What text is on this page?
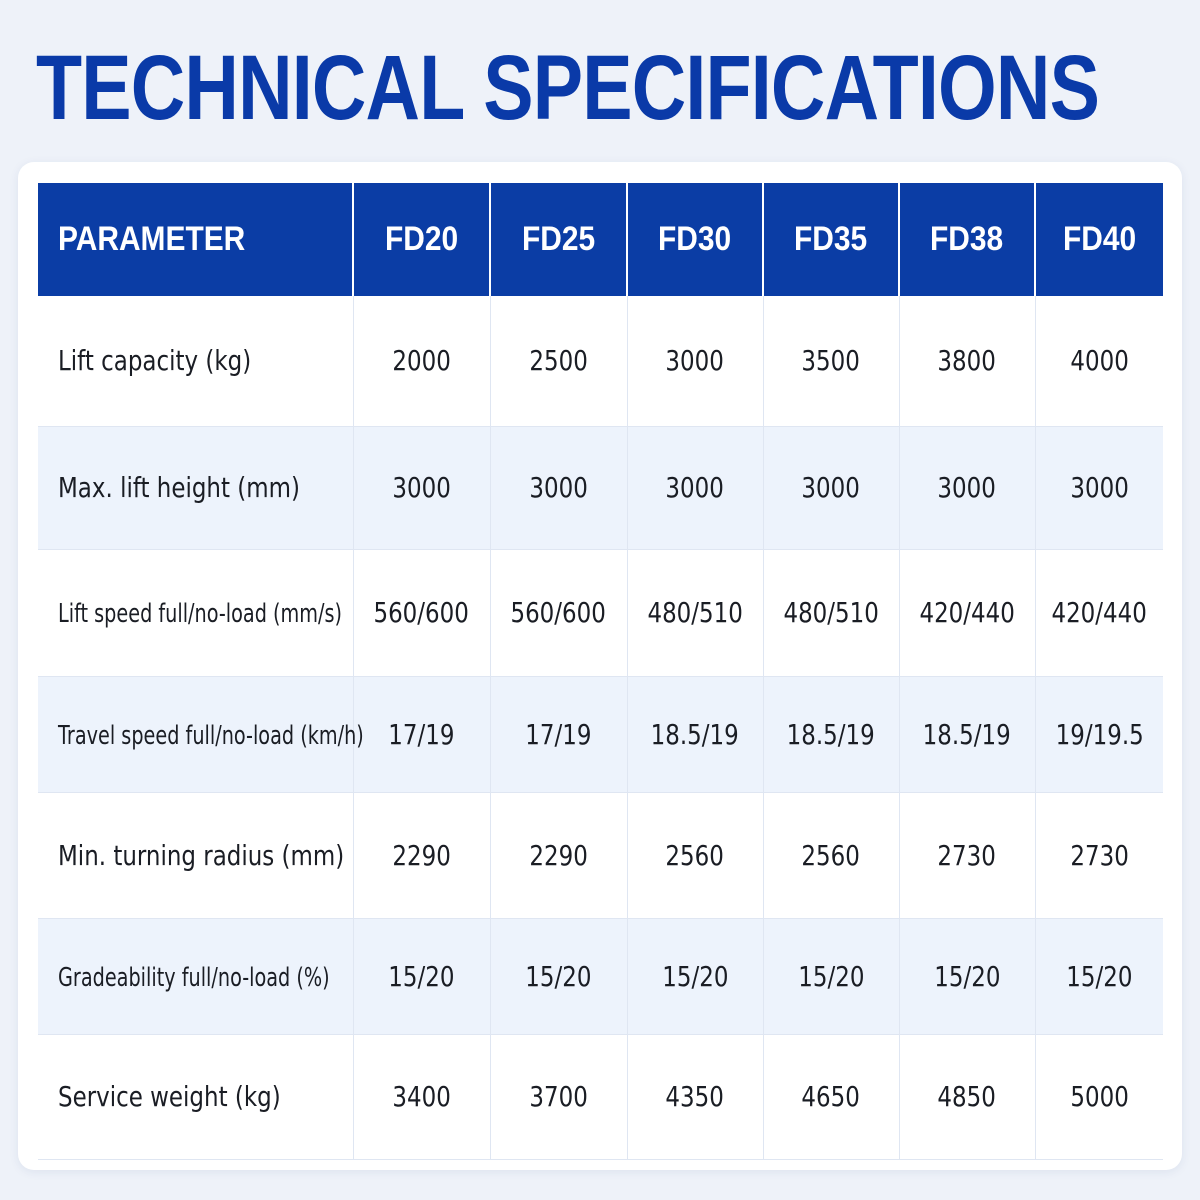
TECHNICAL SPECIFICATIONS
PARAMETER	FD20	FD25	FD30	FD35	FD38	FD40
Lift capacity (kg)	2000	2500	3000	3500	3800	4000
Max. lift height (mm)	3000	3000	3000	3000	3000	3000
Lift speed full/no-load (mm/s)	560/600	560/600	480/510	480/510	420/440	420/440
Travel speed full/no-load (km/h)	17/19	17/19	18.5/19	18.5/19	18.5/19	19/19.5
Min. turning radius (mm)	2290	2290	2560	2560	2730	2730
Gradeability full/no-load (%)	15/20	15/20	15/20	15/20	15/20	15/20
Service weight (kg)	3400	3700	4350	4650	4850	5000
